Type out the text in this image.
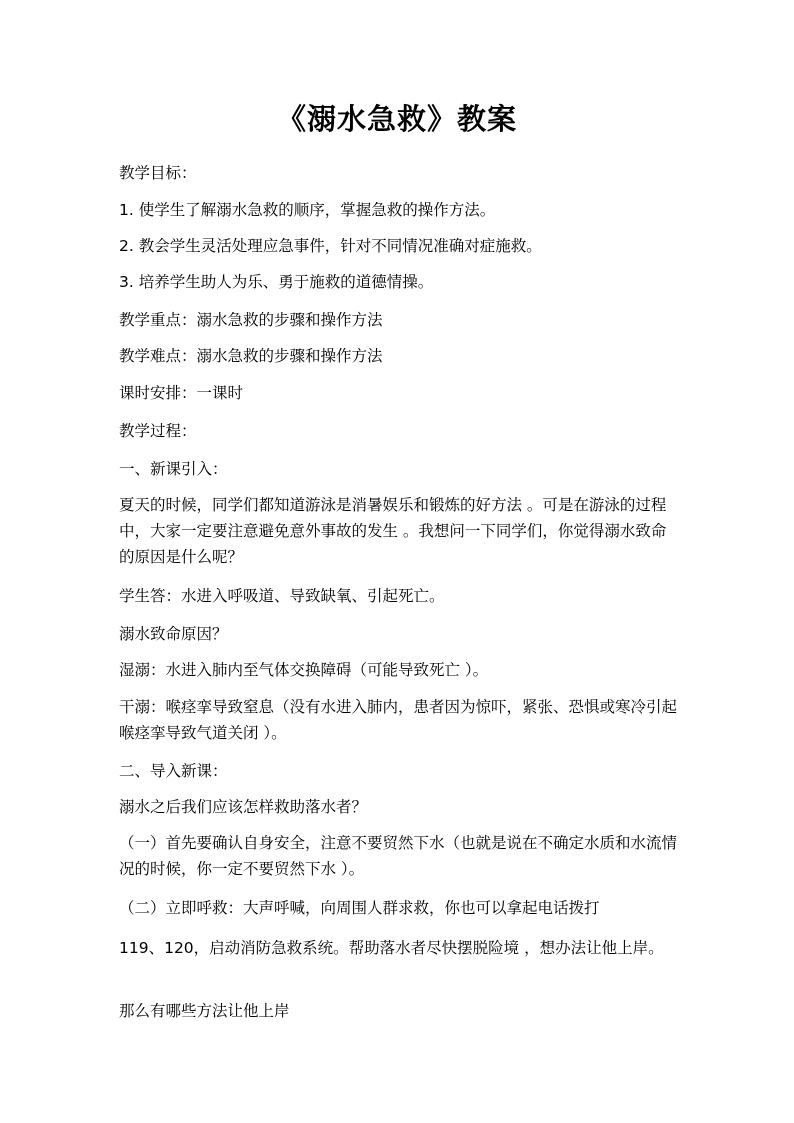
《溺水急救》教案
教学目标：
1. 使学生了解溺水急救的顺序，掌握急救的操作方法。
2. 教会学生灵活处理应急事件，针对不同情况准确对症施救。
3. 培养学生助人为乐、勇于施救的道德情操。
教学重点：溺水急救的步骤和操作方法
教学难点：溺水急救的步骤和操作方法
课时安排：一课时
教学过程：
一、新课引入：
夏天的时候，同学们都知道游泳是消暑娱乐和锻炼的好方法 。可是在游泳的过程中，大家一定要注意避免意外事故的发生 。我想问一下同学们，你觉得溺水致命的原因是什么呢？
学生答：水进入呼吸道、导致缺氧、引起死亡。
溺水致命原因？
湿溺：水进入肺内至气体交换障碍（可能导致死亡 ）。
干溺：喉痉挛导致窒息（没有水进入肺内，患者因为惊吓，紧张、恐惧或寒冷引起喉痉挛导致气道关闭 ）。
二、导入新课：
溺水之后我们应该怎样救助落水者？
（一）首先要确认自身安全，注意不要贸然下水（也就是说在不确定水质和水流情况的时候，你一定不要贸然下水 ）。
（二）立即呼救：大声呼喊，向周围人群求救，你也可以拿起电话拨打
119、120，启动消防急救系统。帮助落水者尽快摆脱险境 ，想办法让他上岸。
那么有哪些方法让他上岸
